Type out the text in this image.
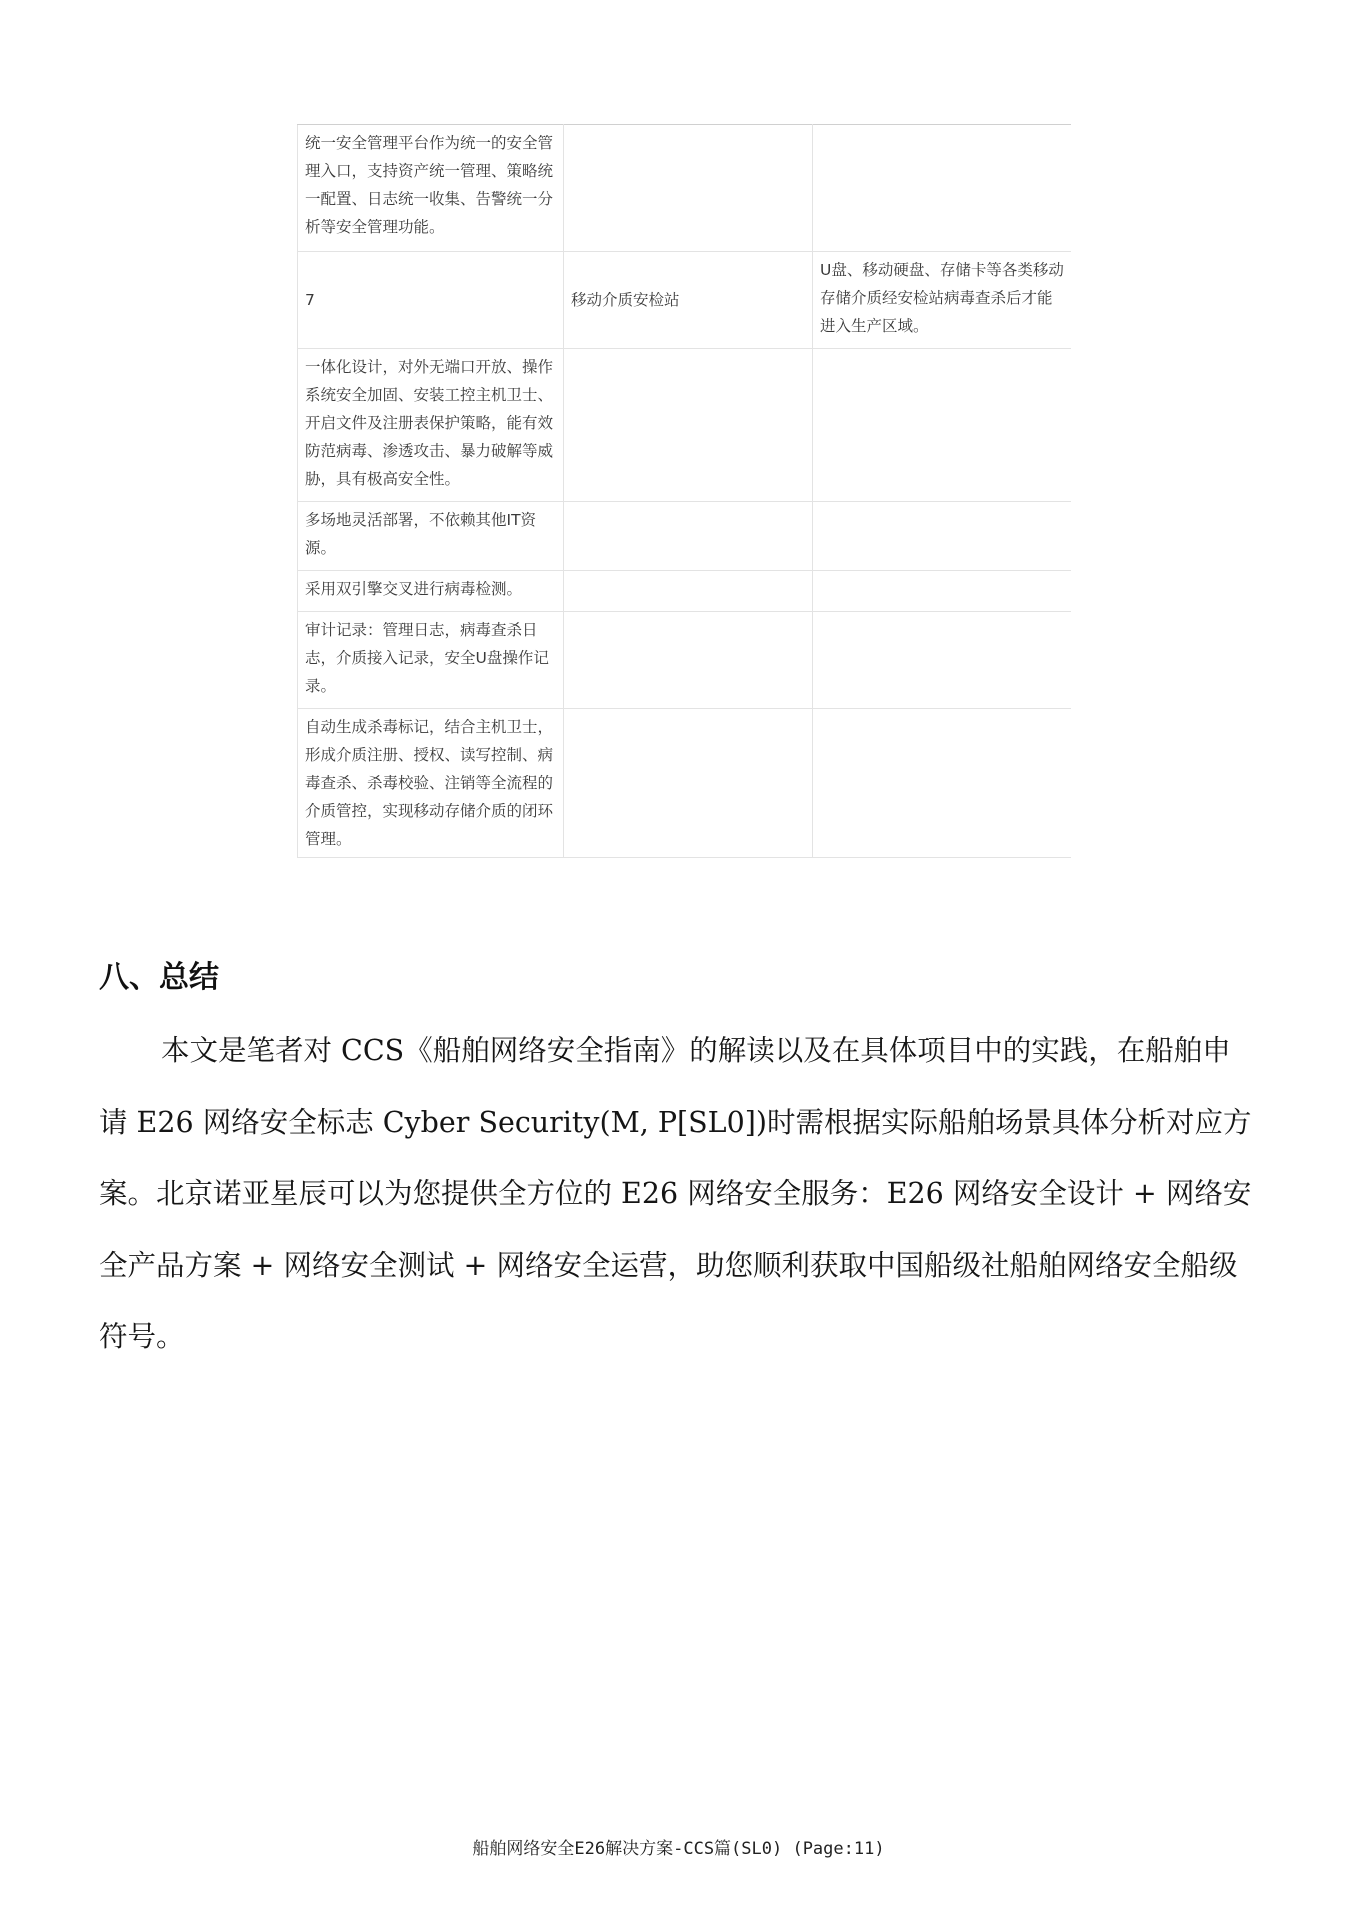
统一安全管理平台作为统一的安全管理入口，支持资产统一管理、策略统一配置、日志统一收集、告警统一分析等安全管理功能。		
7	移动介质安检站	U盘、移动硬盘、存储卡等各类移动存储介质经安检站病毒查杀后才能进入生产区域。
一体化设计，对外无端口开放、操作系统安全加固、安装工控主机卫士、开启文件及注册表保护策略，能有效防范病毒、渗透攻击、暴力破解等威胁，具有极高安全性。		
多场地灵活部署，不依赖其他IT资源。		
采用双引擎交叉进行病毒检测。		
审计记录：管理日志，病毒查杀日志，介质接入记录，安全U盘操作记录。		
自动生成杀毒标记，结合主机卫士，形成介质注册、授权、读写控制、病毒查杀、杀毒校验、注销等全流程的介质管控，实现移动存储介质的闭环管理。		
八、总结

本文是笔者对 CCS《船舶网络安全指南》的解读以及在具体项目中的实践，在船舶申请 E26 网络安全标志 Cyber Security(M, P[SL0])时需根据实际船舶场景具体分析对应方案。北京诺亚星辰可以为您提供全方位的 E26 网络安全服务：E26 网络安全设计 + 网络安全产品方案 + 网络安全测试 + 网络安全运营，助您顺利获取中国船级社船舶网络安全船级符号。

船舶网络安全E26解决方案-CCS篇(SL0) (Page:11)
